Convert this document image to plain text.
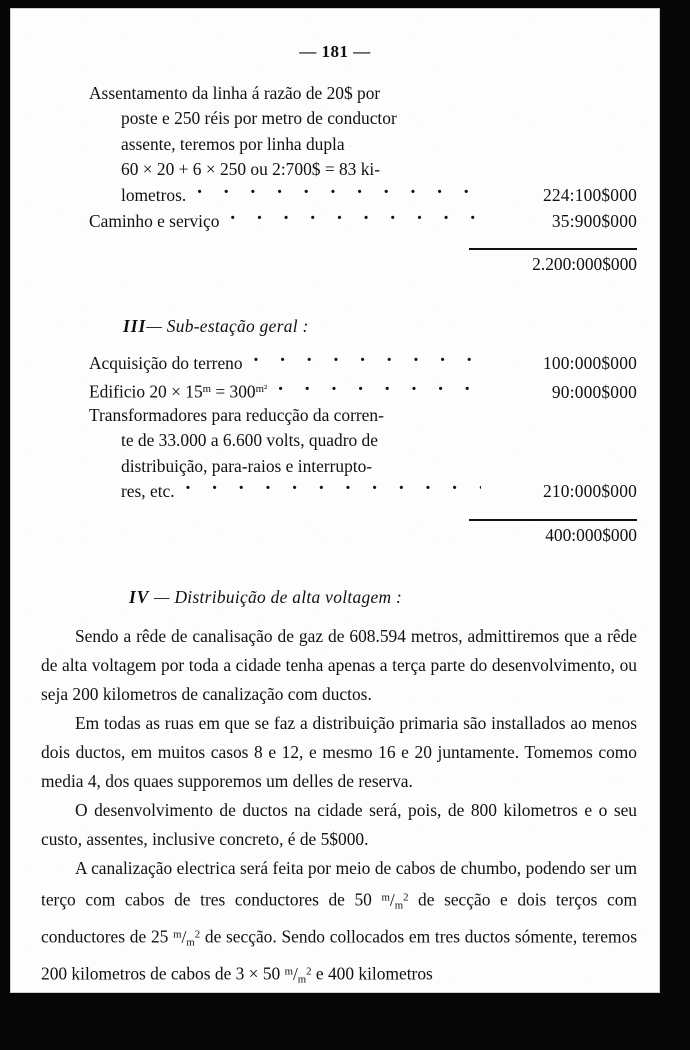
— 181 —
Assentamento da linha á razão de 20$ por
poste e 250 réis por metro de conductor
assente, teremos por linha dupla
60 × 20 + 6 × 250 ou 2:700$ = 83 ki-
lometros. · ·	224:100$000
Caminho e serviço · ·	35:900$000
2.200:000$000
III— Sub-estação geral :
Acquisição do terreno · ·	100:000$000
Edificio $20 \times 15^m = 300^{m^2}$ · ·	90:000$000
Transformadores para reducção da corren-
te de 33.000 a 6.600 volts, quadro de
distribuição, para-raios e interrupto-
res, etc. · ·	210:000$000
400:000$000
IV — Distribuição de alta voltagem :
Sendo a rêde de canalisação de gaz de 608.594 metros, admittiremos que a rêde de alta voltagem por toda a cidade tenha apenas a terça parte do desenvolvimento, ou seja 200 kilometros de canalização com ductos.
Em todas as ruas em que se faz a distribuição primaria são installados ao menos dois ductos, em muitos casos 8 e 12, e mesmo 16 e 20 juntamente. Tomemos como media 4, dos quaes supporemos um delles de reserva.
O desenvolvimento de ductos na cidade será, pois, de 800 kilometros e o seu custo, assentes, inclusive concreto, é de 5$000.
A canalização electrica será feita por meio de cabos de chumbo, podendo ser um terço com cabos de tres conductores de 50 $^m/_m^2$ de secção e dois terços com conductores de 25 $^m/_m^2$ de secção. Sendo collocados em tres ductos sómente, teremos 200 kilometros de cabos de 3 × 50 $^m/_m^2$ e 400 kilometros
